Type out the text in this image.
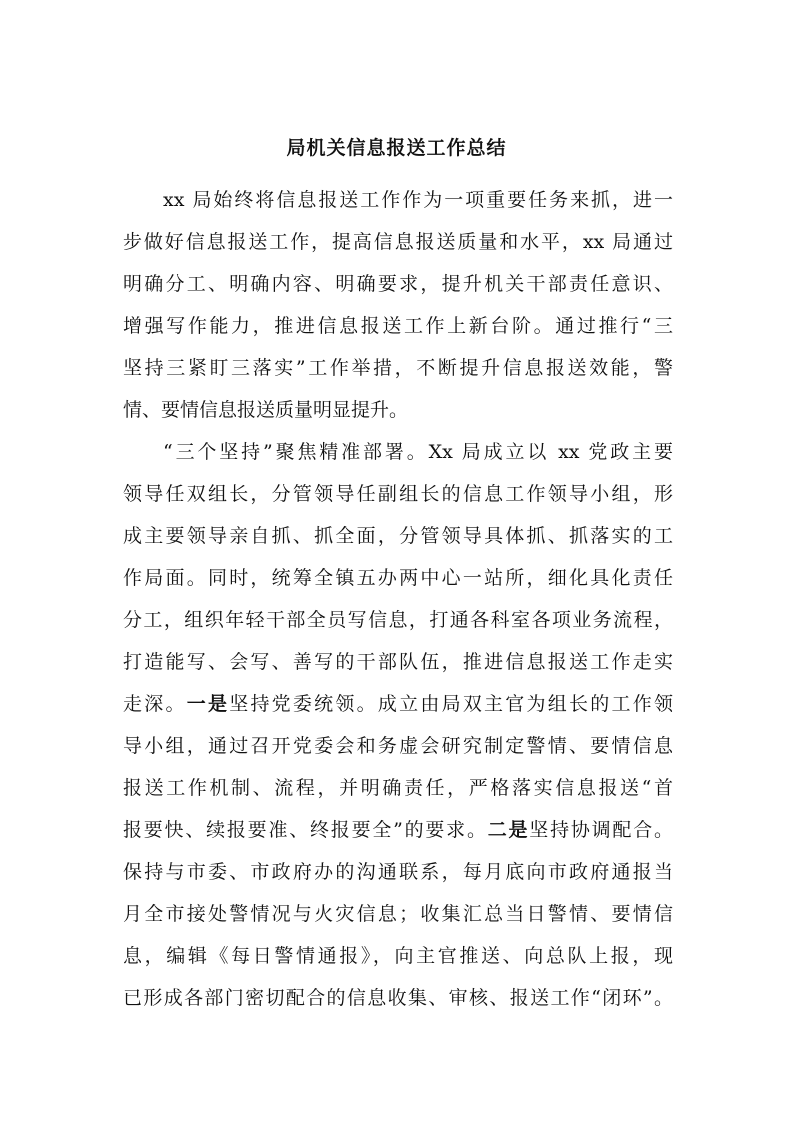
局机关信息报送工作总结
xx 局始终将信息报送工作作为一项重要任务来抓，进一
步做好信息报送工作，提高信息报送质量和水平，xx 局通过
明确分工、明确内容、明确要求，提升机关干部责任意识、
增强写作能力，推进信息报送工作上新台阶。通过推行“三
坚持三紧盯三落实”工作举措，不断提升信息报送效能，警
情、要情信息报送质量明显提升。
“三个坚持”聚焦精准部署。Xx 局成立以 xx 党政主要
领导任双组长，分管领导任副组长的信息工作领导小组，形
成主要领导亲自抓、抓全面，分管领导具体抓、抓落实的工
作局面。同时，统筹全镇五办两中心一站所，细化具化责任
分工，组织年轻干部全员写信息，打通各科室各项业务流程，
打造能写、会写、善写的干部队伍，推进信息报送工作走实
走深。一是坚持党委统领。成立由局双主官为组长的工作领
导小组，通过召开党委会和务虚会研究制定警情、要情信息
报送工作机制、流程，并明确责任，严格落实信息报送“首
报要快、续报要准、终报要全”的要求。二是坚持协调配合。
保持与市委、市政府办的沟通联系，每月底向市政府通报当
月全市接处警情况与火灾信息；收集汇总当日警情、要情信
息，编辑《每日警情通报》，向主官推送、向总队上报，现
已形成各部门密切配合的信息收集、审核、报送工作“闭环”。
